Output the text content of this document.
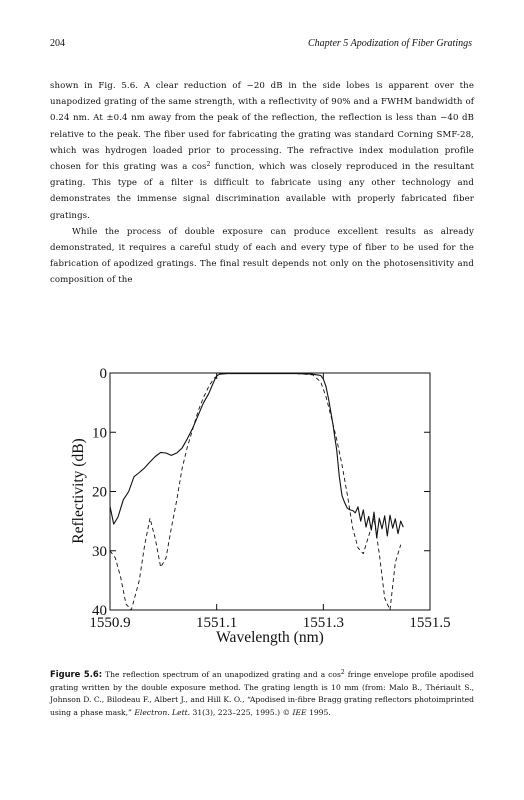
204	Chapter 5 Apodization of Fiber Gratings

shown in Fig. 5.6. A clear reduction of −20 dB in the side lobes is apparent over the unapodized grating of the same strength, with a reflectivity of 90% and a FWHM bandwidth of 0.24 nm. At ±0.4 nm away from the peak of the reflection, the reflection is less than −40 dB relative to the peak. The fiber used for fabricating the grating was standard Corning SMF-28, which was hydrogen loaded prior to processing. The refractive index modulation profile chosen for this grating was a $\cos^2$ function, which was closely reproduced in the resultant grating. This type of a filter is difficult to fabricate using any other technology and demonstrates the immense signal discrimination available with properly fabricated fiber gratings.

While the process of double exposure can produce excellent results as already demonstrated, it requires a careful study of each and every type of fiber to be used for the fabrication of apodized gratings. The final result depends not only on the photosensitivity and composition of the

1550.9	1551.1	1551.3	1551.5
0
10
20
30
40
Wavelength (nm)
Reflectivity (dB)
Figure 5.6: The reflection spectrum of an unapodized grating and a $\cos^2$ fringe envelope profile apodised grating written by the double exposure method. The grating length is 10 mm (from: Malo B., Thériault S., Johnson D. C., Bilodeau F., Albert J., and Hill K. O., “Apodised in-fibre Bragg grating reflectors photoimprinted using a phase mask,” Electron. Lett. 31(3), 223–225, 1995.) © IEE 1995.
